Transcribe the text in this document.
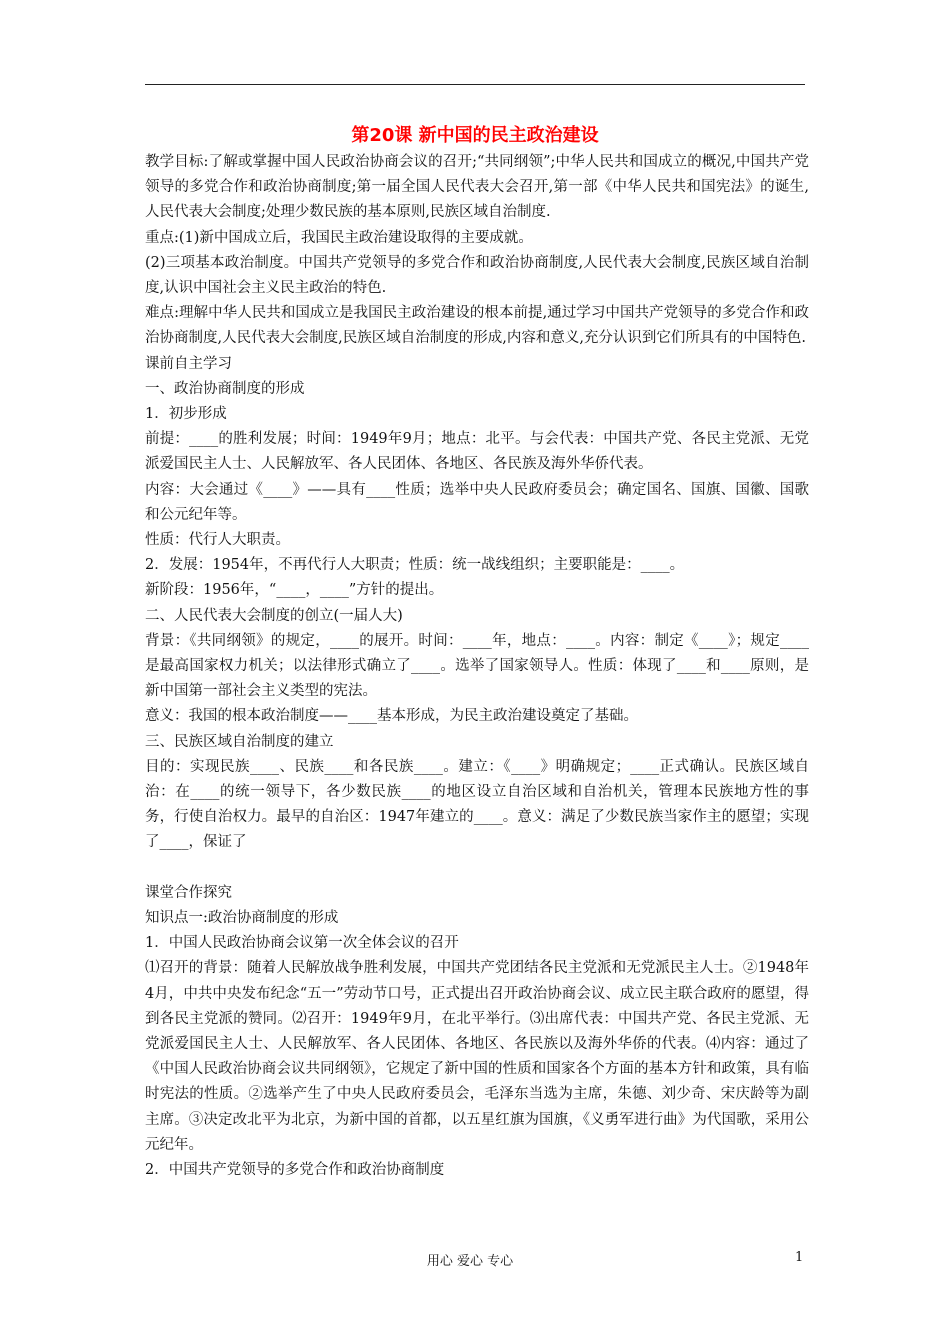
第20课 新中国的民主政治建设

教学目标:了解或掌握中国人民政治协商会议的召开;“共同纲领”;中华人民共和国成立的概况,中国共产党领导的多党合作和政治协商制度;第一届全国人民代表大会召开,第一部《中华人民共和国宪法》的诞生,人民代表大会制度;处理少数民族的基本原则,民族区域自治制度.

重点:(1)新中国成立后，我国民主政治建设取得的主要成就。

(2)三项基本政治制度。中国共产党领导的多党合作和政治协商制度,人民代表大会制度,民族区域自治制度,认识中国社会主义民主政治的特色.

难点:理解中华人民共和国成立是我国民主政治建设的根本前提,通过学习中国共产党领导的多党合作和政治协商制度,人民代表大会制度,民族区域自治制度的形成,内容和意义,充分认识到它们所具有的中国特色.

课前自主学习

一、政治协商制度的形成

1．初步形成

前提：____的胜利发展；时间：1949年9月；地点：北平。与会代表：中国共产党、各民主党派、无党派爱国民主人士、人民解放军、各人民团体、各地区、各民族及海外华侨代表。

内容：大会通过《____》——具有____性质；选举中央人民政府委员会；确定国名、国旗、国徽、国歌和公元纪年等。

性质：代行人大职责。

2．发展：1954年，不再代行人大职责；性质：统一战线组织；主要职能是：____。

新阶段：1956年，“____，____”方针的提出。

二、人民代表大会制度的创立(一届人大)

背景：《共同纲领》的规定，____的展开。时间：____年，地点：____。内容：制定《____》；规定____是最高国家权力机关；以法律形式确立了____。选举了国家领导人。性质：体现了____和____原则，是新中国第一部社会主义类型的宪法。

意义：我国的根本政治制度——____基本形成，为民主政治建设奠定了基础。

三、民族区域自治制度的建立

目的：实现民族____、民族____和各民族____。建立：《____》明确规定；____正式确认。民族区域自治：在____的统一领导下，各少数民族____的地区设立自治区域和自治机关，管理本民族地方性的事务，行使自治权力。最早的自治区：1947年建立的____。意义：满足了少数民族当家作主的愿望；实现了____，保证了

课堂合作探究

知识点一:政治协商制度的形成

1．中国人民政治协商会议第一次全体会议的召开

⑴召开的背景：随着人民解放战争胜利发展，中国共产党团结各民主党派和无党派民主人士。②1948年4月，中共中央发布纪念“五一”劳动节口号，正式提出召开政治协商会议、成立民主联合政府的愿望，得到各民主党派的赞同。⑵召开：1949年9月，在北平举行。⑶出席代表：中国共产党、各民主党派、无党派爱国民主人士、人民解放军、各人民团体、各地区、各民族以及海外华侨的代表。⑷内容：通过了《中国人民政治协商会议共同纲领》，它规定了新中国的性质和国家各个方面的基本方针和政策，具有临时宪法的性质。②选举产生了中央人民政府委员会，毛泽东当选为主席，朱德、刘少奇、宋庆龄等为副主席。③决定改北平为北京，为新中国的首都，以五星红旗为国旗，《义勇军进行曲》为代国歌，采用公元纪年。

2．中国共产党领导的多党合作和政治协商制度

用心 爱心 专心	1
